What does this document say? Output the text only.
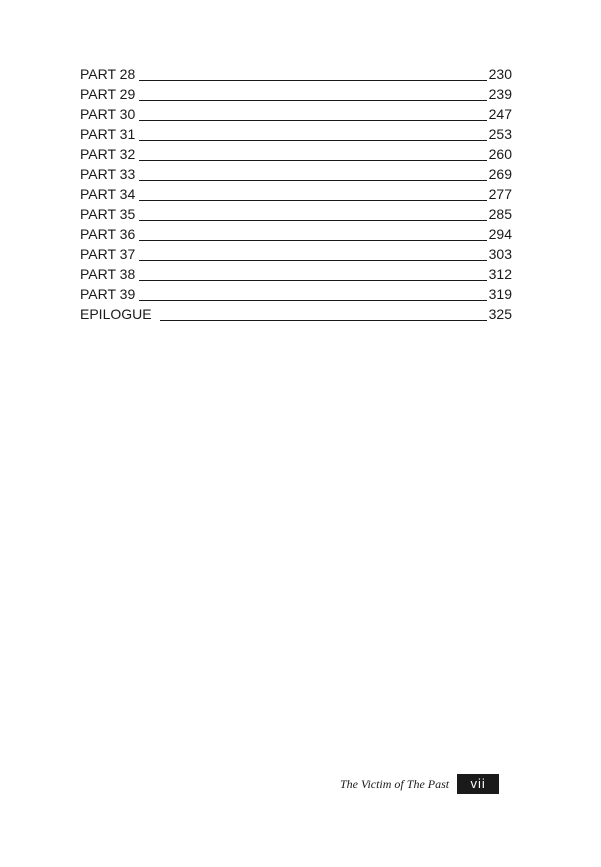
PART 28	230
PART 29	239
PART 30	247
PART 31	253
PART 32	260
PART 33	269
PART 34	277
PART 35	285
PART 36	294
PART 37	303
PART 38	312
PART 39	319
EPILOGUE	325
The Victim of The Past	vii
